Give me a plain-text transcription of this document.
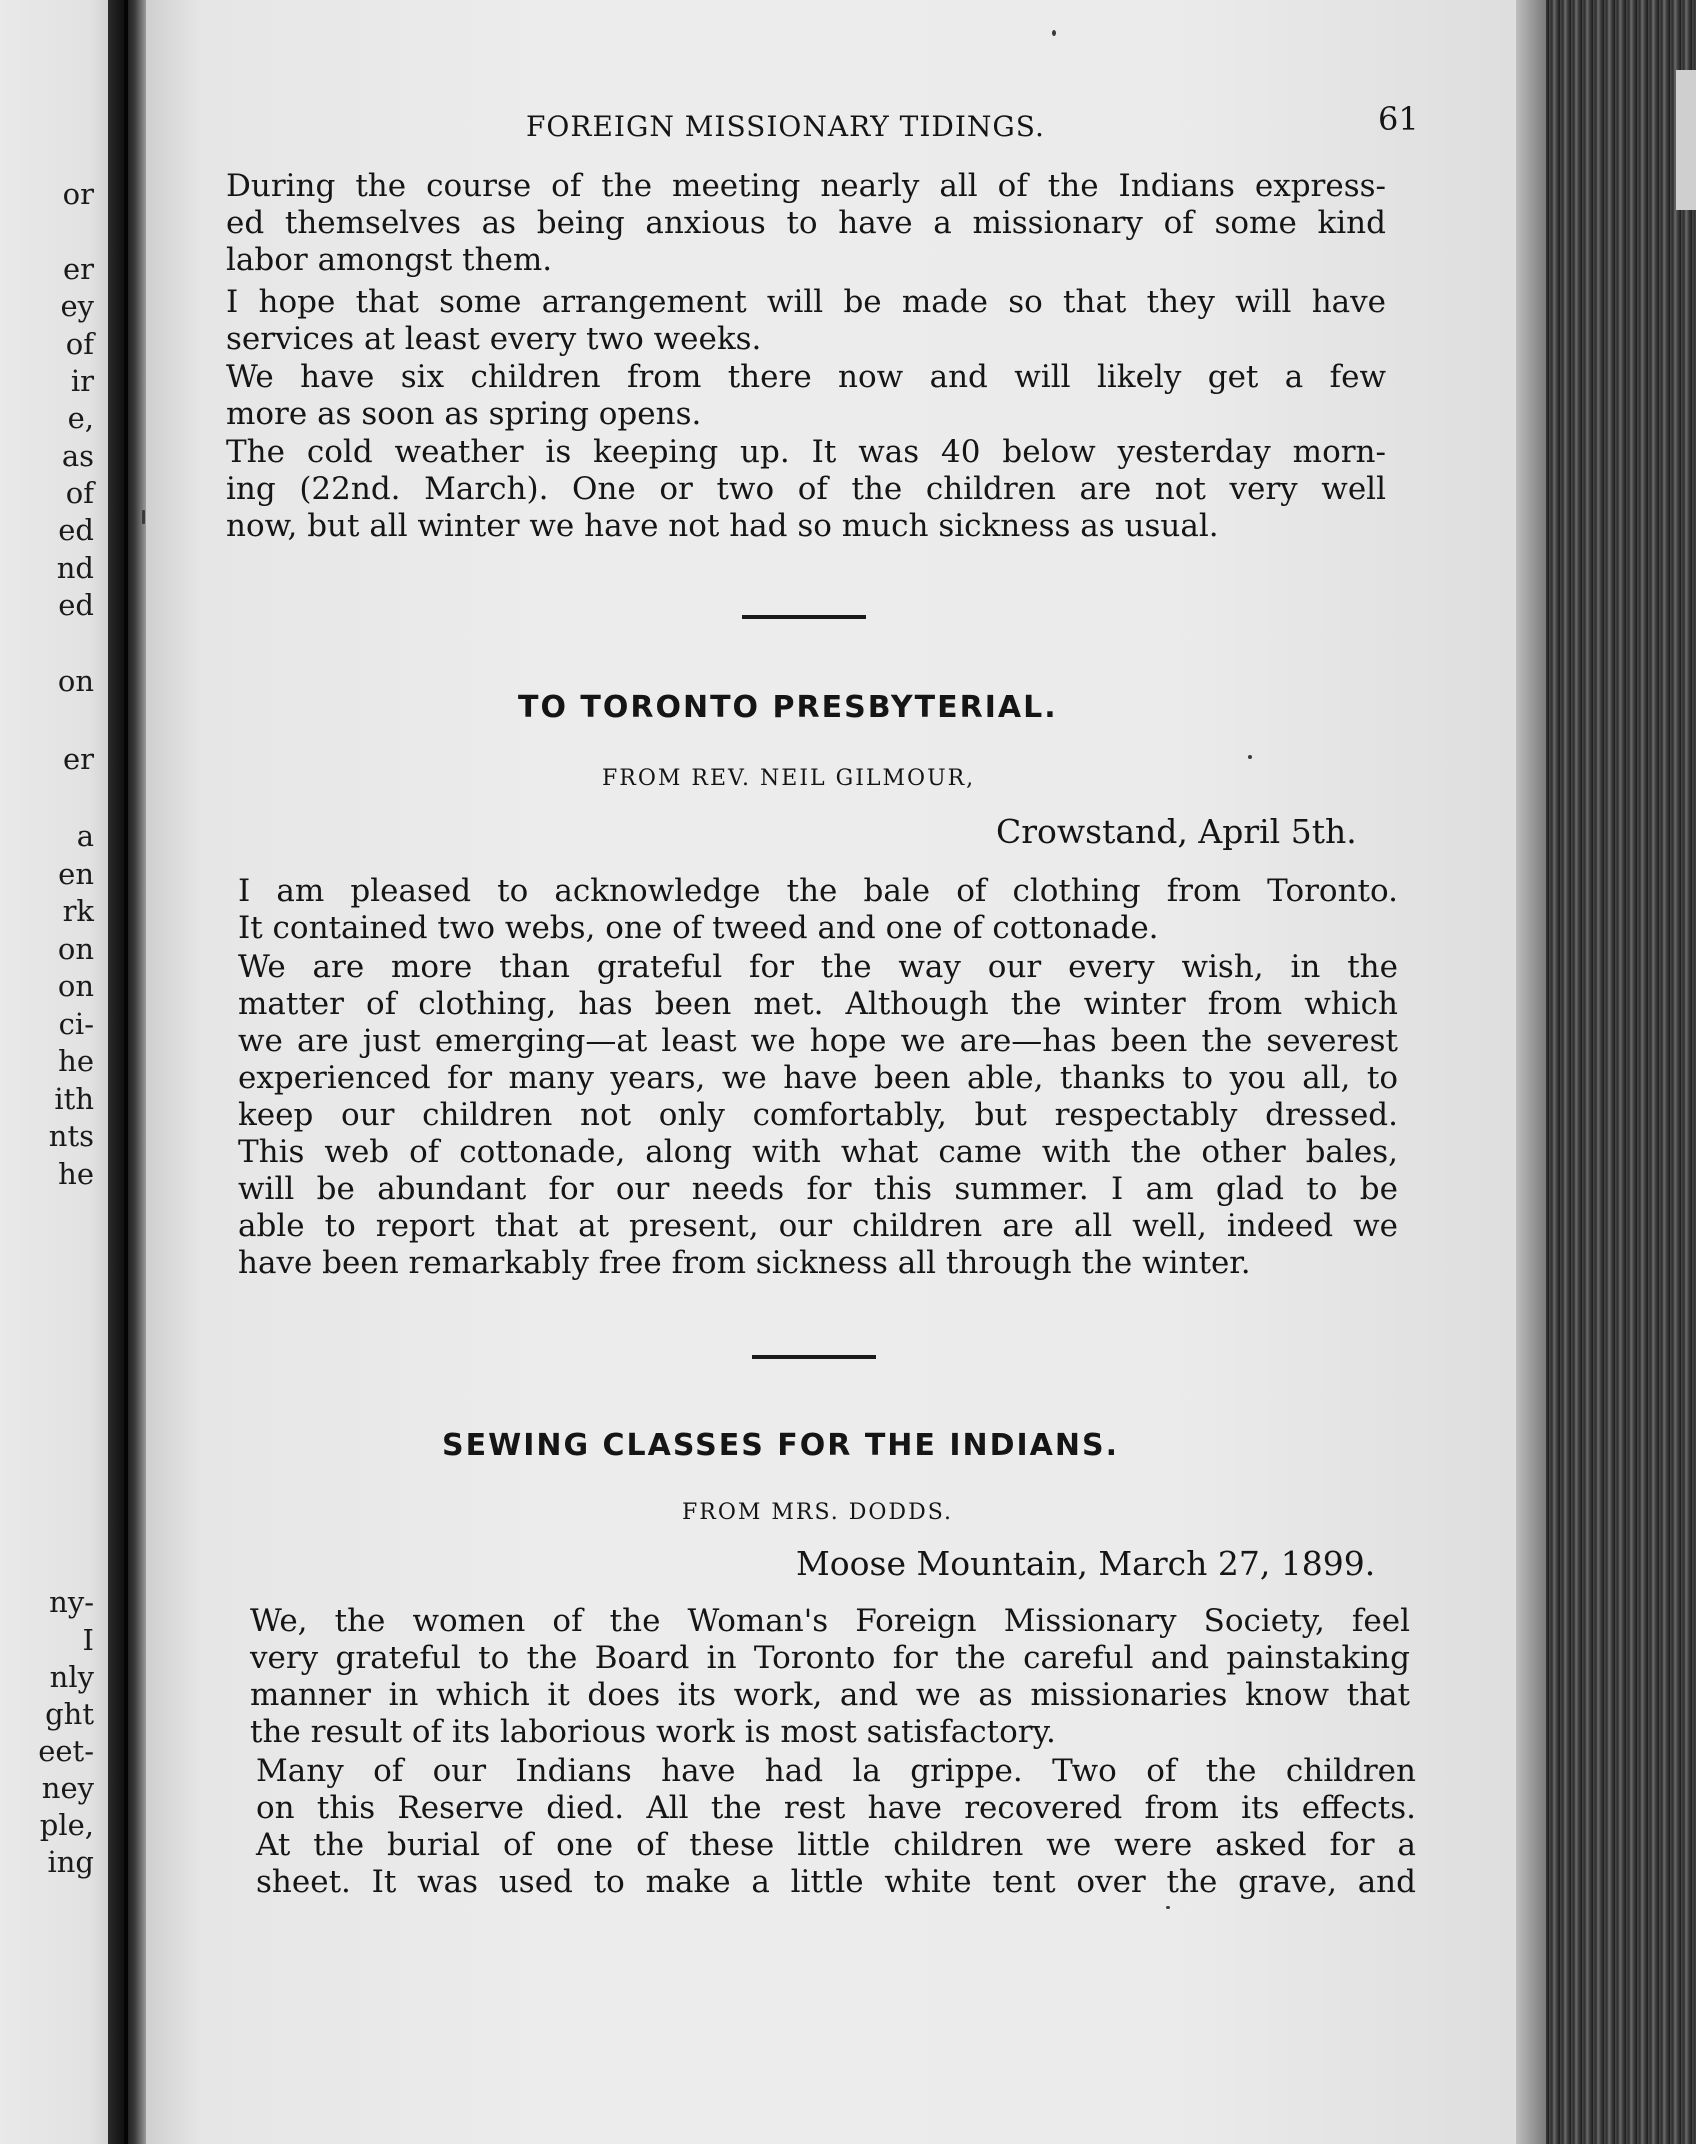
or
er
ey
of
ir
e,
as
of
ed
nd
ed
on
er
a
en
rk
on
on
ci-
he
ith
nts
he
ny-
I
nly
ght
eet-
ney
ple,
ing
FOREIGN MISSIONARY TIDINGS.	61
During the course of the meeting nearly all of the Indians express-
ed themselves as being anxious to have a missionary of some kind
labor amongst them.
I hope that some arrangement will be made so that they will have
services at least every two weeks.
We have six children from there now and will likely get a few
more as soon as spring opens.
The cold weather is keeping up. It was 40 below yesterday morn-
ing (22nd. March). One or two of the children are not very well
now, but all winter we have not had so much sickness as usual.
TO TORONTO PRESBYTERIAL.
FROM REV. NEIL GILMOUR,
Crowstand, April 5th.
I am pleased to acknowledge the bale of clothing from Toronto.
It contained two webs, one of tweed and one of cottonade.
We are more than grateful for the way our every wish, in the
matter of clothing, has been met. Although the winter from which
we are just emerging—at least we hope we are—has been the severest
experienced for many years, we have been able, thanks to you all, to
keep our children not only comfortably, but respectably dressed.
This web of cottonade, along with what came with the other bales,
will be abundant for our needs for this summer. I am glad to be
able to report that at present, our children are all well, indeed we
have been remarkably free from sickness all through the winter.
SEWING CLASSES FOR THE INDIANS.
FROM MRS. DODDS.
Moose Mountain, March 27, 1899.
We, the women of the Woman's Foreign Missionary Society, feel
very grateful to the Board in Toronto for the careful and painstaking
manner in which it does its work, and we as missionaries know that
the result of its laborious work is most satisfactory.
Many of our Indians have had la grippe. Two of the children
on this Reserve died. All the rest have recovered from its effects.
At the burial of one of these little children we were asked for a
sheet. It was used to make a little white tent over the grave, and
